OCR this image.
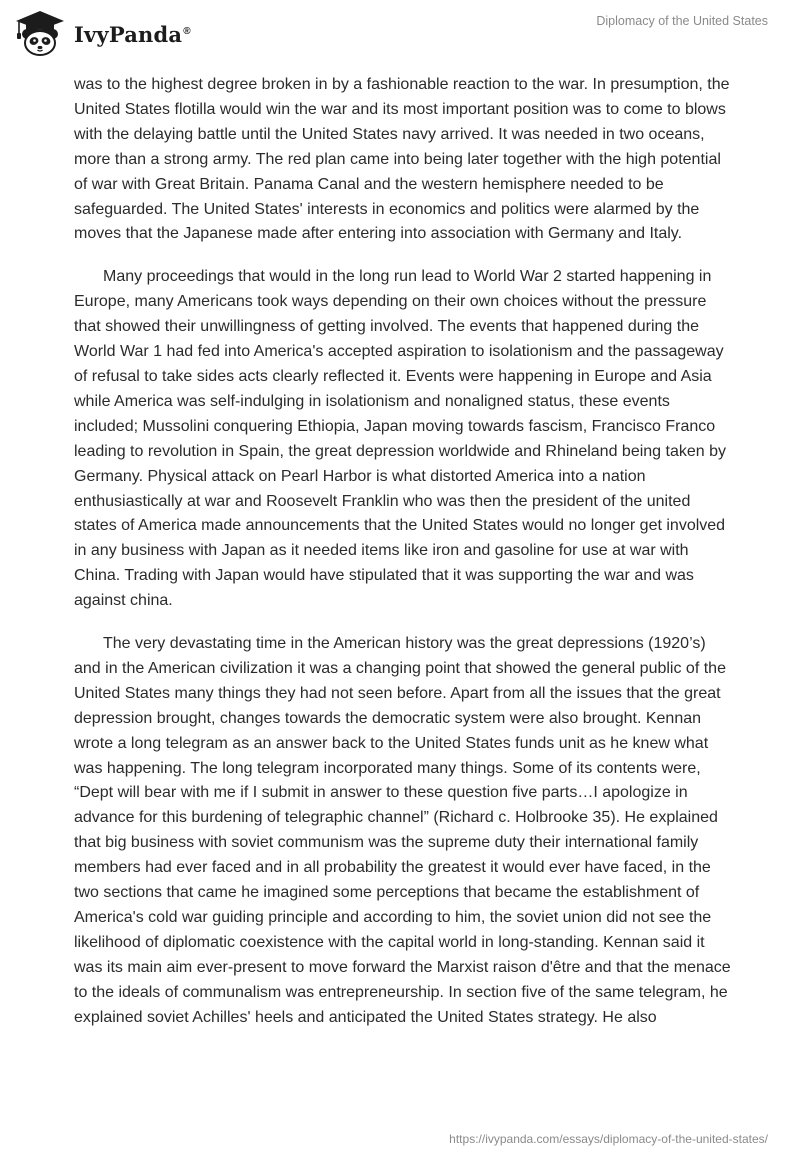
IvyPanda®
Diplomacy of the United States

was to the highest degree broken in by a fashionable reaction to the war. In presumption, the United States flotilla would win the war and its most important position was to come to blows with the delaying battle until the United States navy arrived. It was needed in two oceans, more than a strong army. The red plan came into being later together with the high potential of war with Great Britain. Panama Canal and the western hemisphere needed to be safeguarded. The United States' interests in economics and politics were alarmed by the moves that the Japanese made after entering into association with Germany and Italy.

Many proceedings that would in the long run lead to World War 2 started happening in Europe, many Americans took ways depending on their own choices without the pressure that showed their unwillingness of getting involved. The events that happened during the World War 1 had fed into America's accepted aspiration to isolationism and the passageway of refusal to take sides acts clearly reflected it. Events were happening in Europe and Asia while America was self-indulging in isolationism and nonaligned status, these events included; Mussolini conquering Ethiopia, Japan moving towards fascism, Francisco Franco leading to revolution in Spain, the great depression worldwide and Rhineland being taken by Germany. Physical attack on Pearl Harbor is what distorted America into a nation enthusiastically at war and Roosevelt Franklin who was then the president of the united states of America made announcements that the United States would no longer get involved in any business with Japan as it needed items like iron and gasoline for use at war with China. Trading with Japan would have stipulated that it was supporting the war and was against china.

The very devastating time in the American history was the great depressions (1920’s) and in the American civilization it was a changing point that showed the general public of the United States many things they had not seen before. Apart from all the issues that the great depression brought, changes towards the democratic system were also brought. Kennan wrote a long telegram as an answer back to the United States funds unit as he knew what was happening. The long telegram incorporated many things. Some of its contents were, “Dept will bear with me if I submit in answer to these question five parts…I apologize in advance for this burdening of telegraphic channel” (Richard c. Holbrooke 35). He explained that big business with soviet communism was the supreme duty their international family members had ever faced and in all probability the greatest it would ever have faced, in the two sections that came he imagined some perceptions that became the establishment of America's cold war guiding principle and according to him, the soviet union did not see the likelihood of diplomatic coexistence with the capital world in long-standing. Kennan said it was its main aim ever-present to move forward the Marxist raison d'être and that the menace to the ideals of communalism was entrepreneurship. In section five of the same telegram, he explained soviet Achilles' heels and anticipated the United States strategy. He also

https://ivypanda.com/essays/diplomacy-of-the-united-states/
